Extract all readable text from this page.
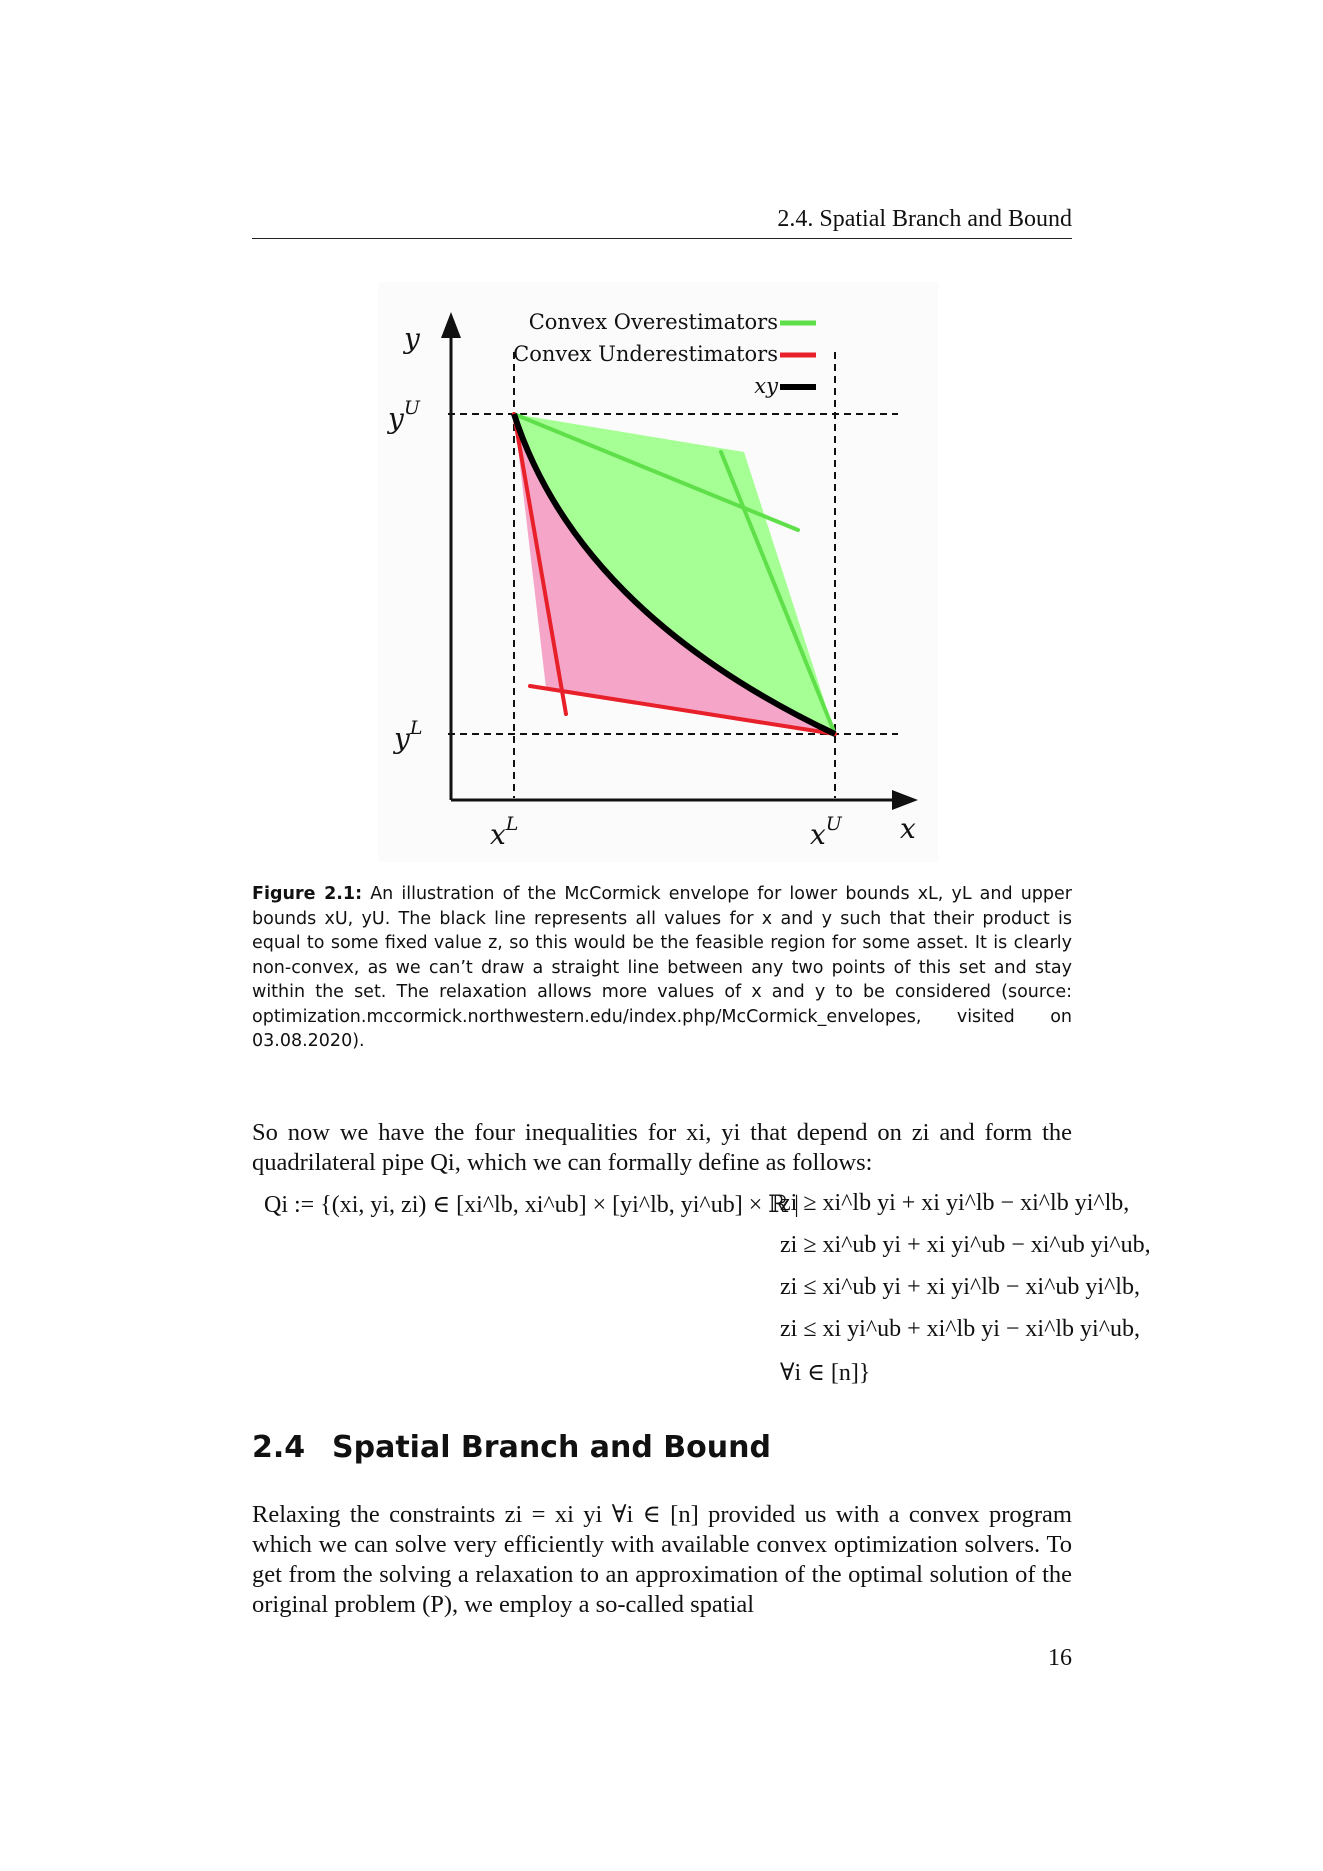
2.4. Spatial Branch and Bound
Convex Overestimators
Convex Underestimators
xy
y
$y^U$
$y^L$
$x^L$	$x^U$ x
Figure 2.1: An illustration of the McCormick envelope for lower bounds xL, yL and upper bounds xU, yU. The black line represents all values for x and y such that their product is equal to some fixed value z, so this would be the feasible region for some asset. It is clearly non-convex, as we can’t draw a straight line between any two points of this set and stay within the set. The relaxation allows more values of x and y to be considered (source: optimization.mccormick.northwestern.edu/index.php/McCormick_envelopes, visited on 03.08.2020).
So now we have the four inequalities for xi, yi that depend on zi and form the quadrilateral pipe Qi, which we can formally define as follows:
Qi := {(xi, yi, zi) ∈ [xi^lb, xi^ub] × [yi^lb, yi^ub] × ℝ |
zi ≥ xi^lb yi + xi yi^lb − xi^lb yi^lb,
zi ≥ xi^ub yi + xi yi^ub − xi^ub yi^ub,
zi ≤ xi^ub yi + xi yi^lb − xi^ub yi^lb,
zi ≤ xi yi^ub + xi^lb yi − xi^lb yi^ub,
∀i ∈ [n]}
2.4 Spatial Branch and Bound
Relaxing the constraints zi = xi yi ∀i ∈ [n] provided us with a convex program which we can solve very efficiently with available convex optimization solvers. To get from the solving a relaxation to an approximation of the optimal solution of the original problem (P), we employ a so-called spatial
16
